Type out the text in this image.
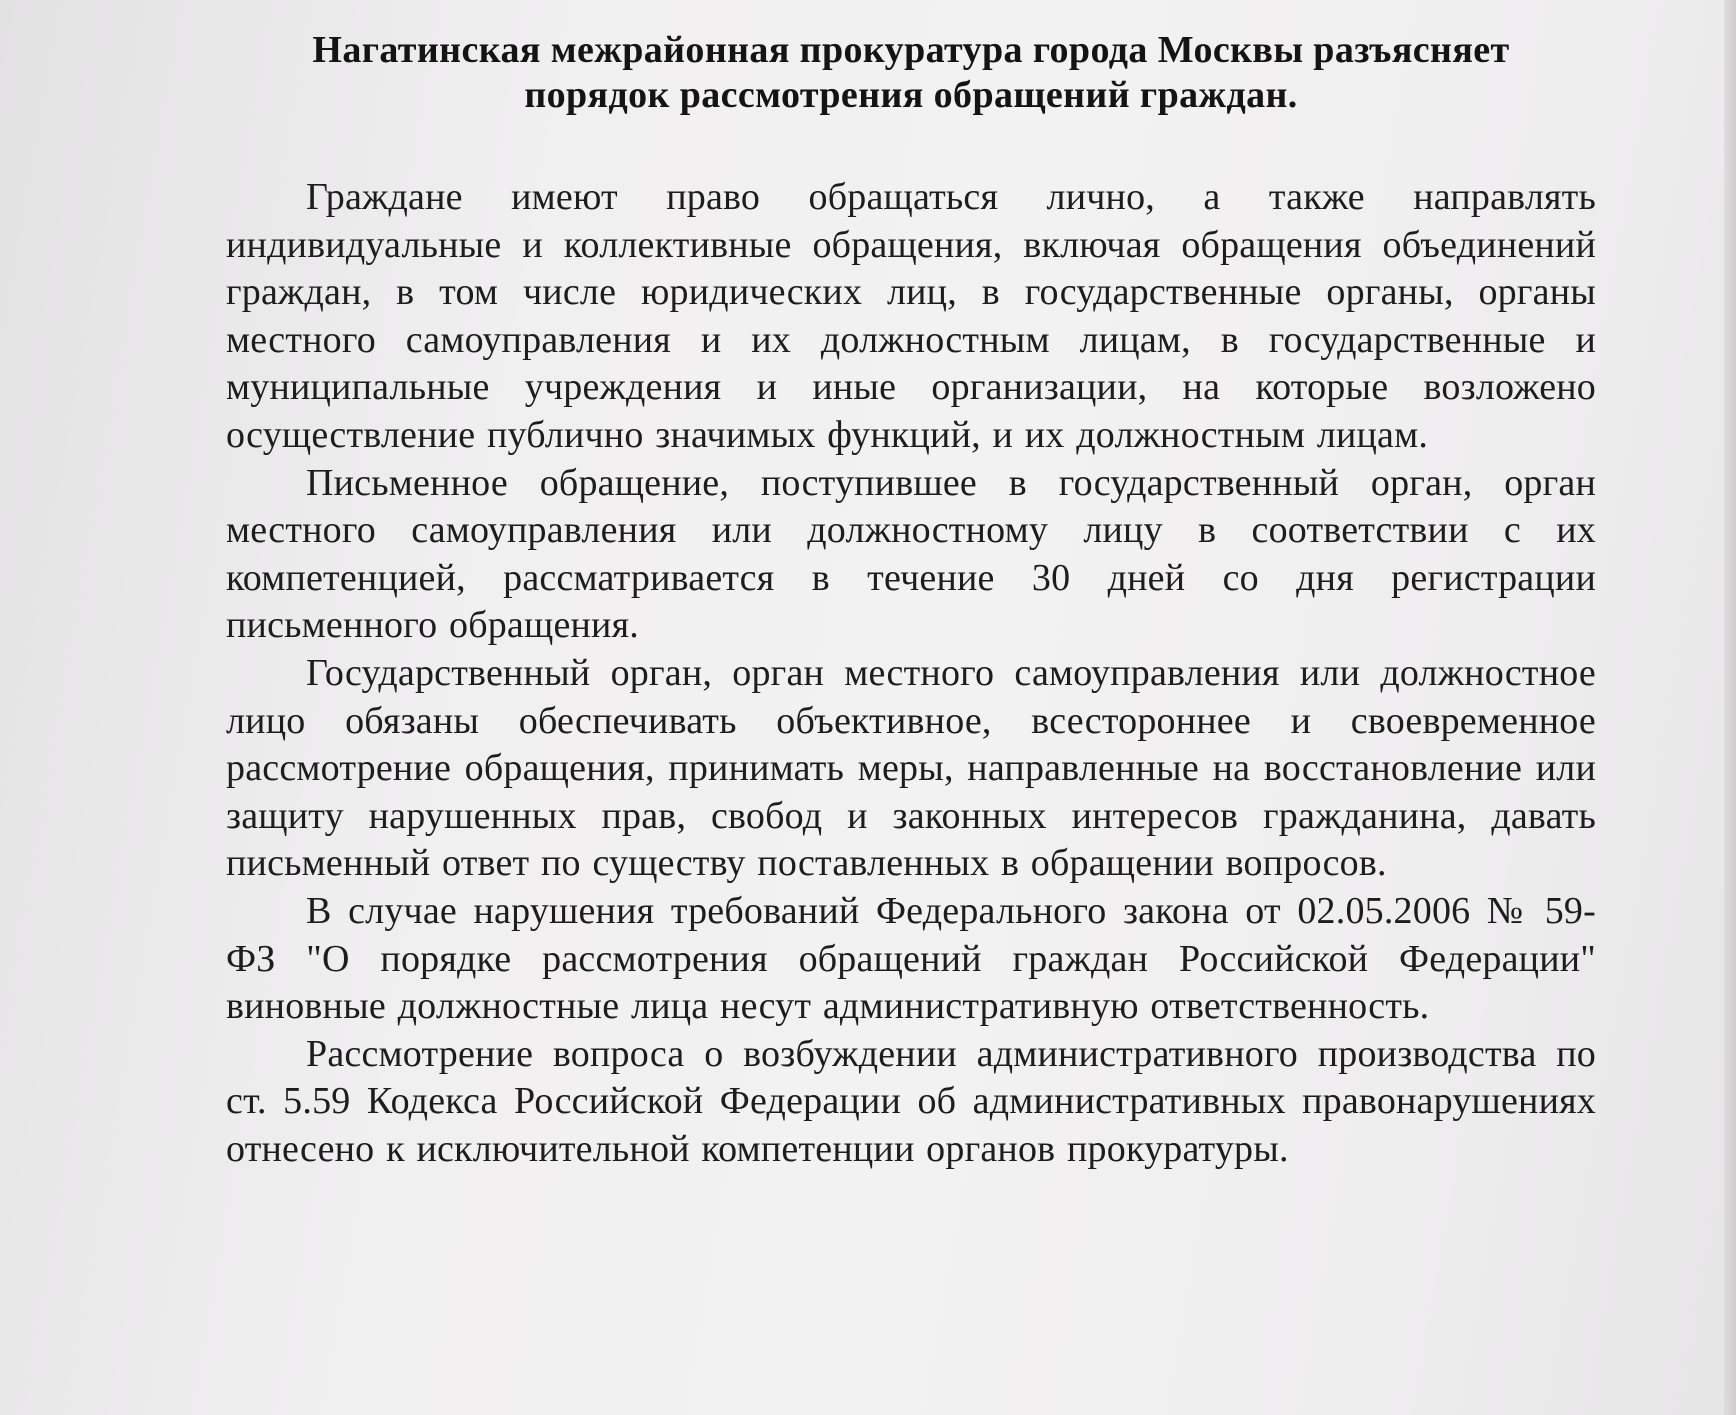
Нагатинская межрайонная прокуратура города Москвы разъясняет
порядок рассмотрения обращений граждан.

Граждане имеют право обращаться лично, а также направлять индивидуальные и коллективные обращения, включая обращения объединений граждан, в том числе юридических лиц, в государственные органы, органы местного самоуправления и их должностным лицам, в государственные и муниципальные учреждения и иные организации, на которые возложено осуществление публично значимых функций, и их должностным лицам.

Письменное обращение, поступившее в государственный орган, орган местного самоуправления или должностному лицу в соответствии с их компетенцией, рассматривается в течение 30 дней со дня регистрации письменного обращения.

Государственный орган, орган местного самоуправления или должностное лицо обязаны обеспечивать объективное, всестороннее и своевременное рассмотрение обращения, принимать меры, направленные на восстановление или защиту нарушенных прав, свобод и законных интересов гражданина, давать письменный ответ по существу поставленных в обращении вопросов.

В случае нарушения требований Федерального закона от 02.05.2006 № 59-ФЗ "О порядке рассмотрения обращений граждан Российской Федерации" виновные должностные лица несут административную ответственность.

Рассмотрение вопроса о возбуждении административного производства по ст. 5.59 Кодекса Российской Федерации об административных правонарушениях отнесено к исключительной компетенции органов прокуратуры.
